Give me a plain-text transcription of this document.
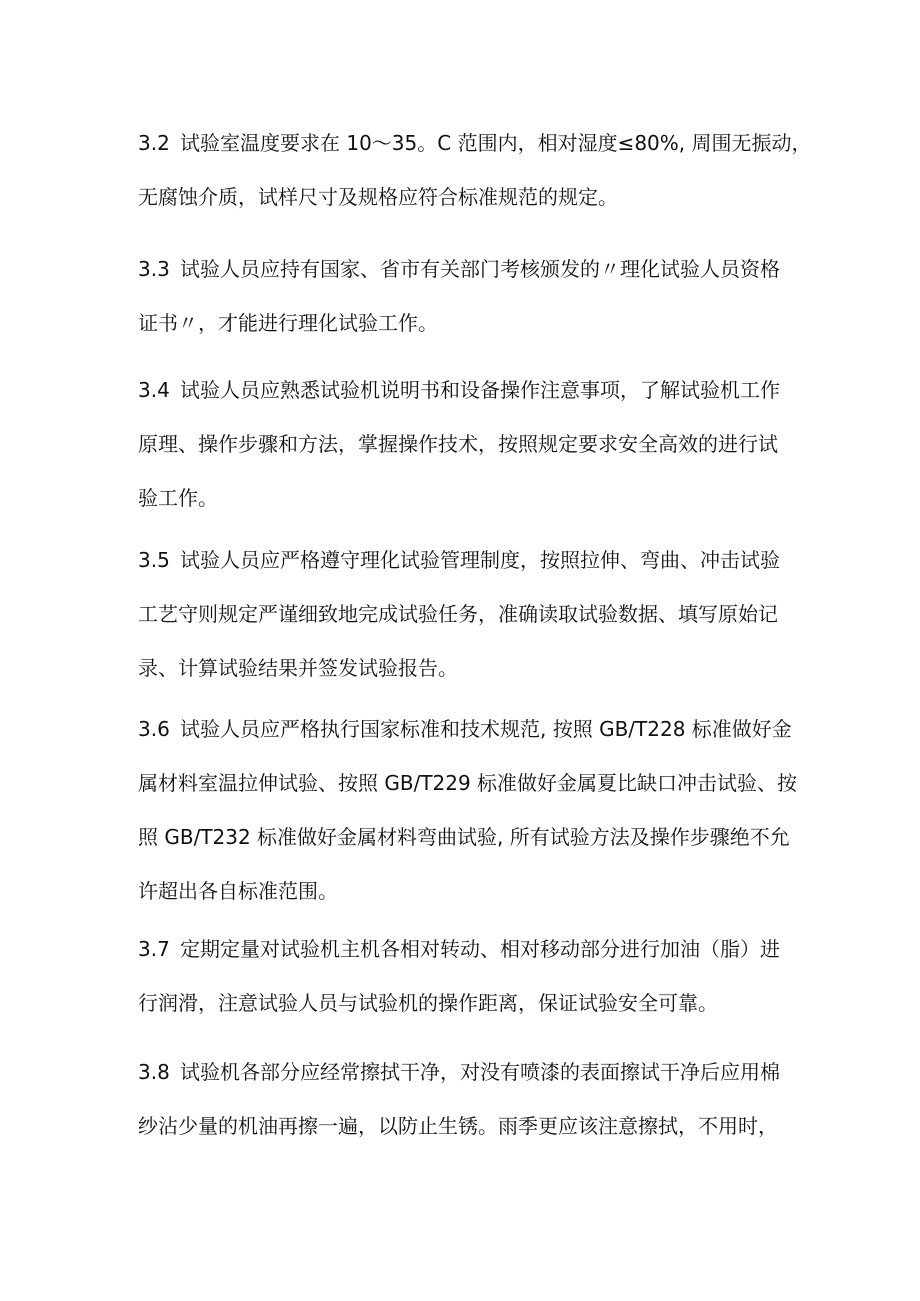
3.2 试验室温度要求在 10～35。C 范围内，相对湿度≤80%, 周围无振动，
无腐蚀介质，试样尺寸及规格应符合标准规范的规定。
3.3 试验人员应持有国家、省市有关部门考核颁发的〃理化试验人员资格
证书〃，才能进行理化试验工作。
3.4 试验人员应熟悉试验机说明书和设备操作注意事项，了解试验机工作
原理、操作步骤和方法，掌握操作技术，按照规定要求安全高效的进行试
验工作。
3.5 试验人员应严格遵守理化试验管理制度，按照拉伸、弯曲、冲击试验
工艺守则规定严谨细致地完成试验任务，准确读取试验数据、填写原始记
录、计算试验结果并签发试验报告。
3.6 试验人员应严格执行国家标准和技术规范, 按照 GB/T228 标准做好金
属材料室温拉伸试验、按照 GB/T229 标准做好金属夏比缺口冲击试验、按
照 GB/T232 标准做好金属材料弯曲试验, 所有试验方法及操作步骤绝不允
许超出各自标准范围。
3.7 定期定量对试验机主机各相对转动、相对移动部分进行加油（脂）进
行润滑，注意试验人员与试验机的操作距离，保证试验安全可靠。
3.8 试验机各部分应经常擦拭干净，对没有喷漆的表面擦试干净后应用棉
纱沾少量的机油再擦一遍，以防止生锈。雨季更应该注意擦拭，不用时，
